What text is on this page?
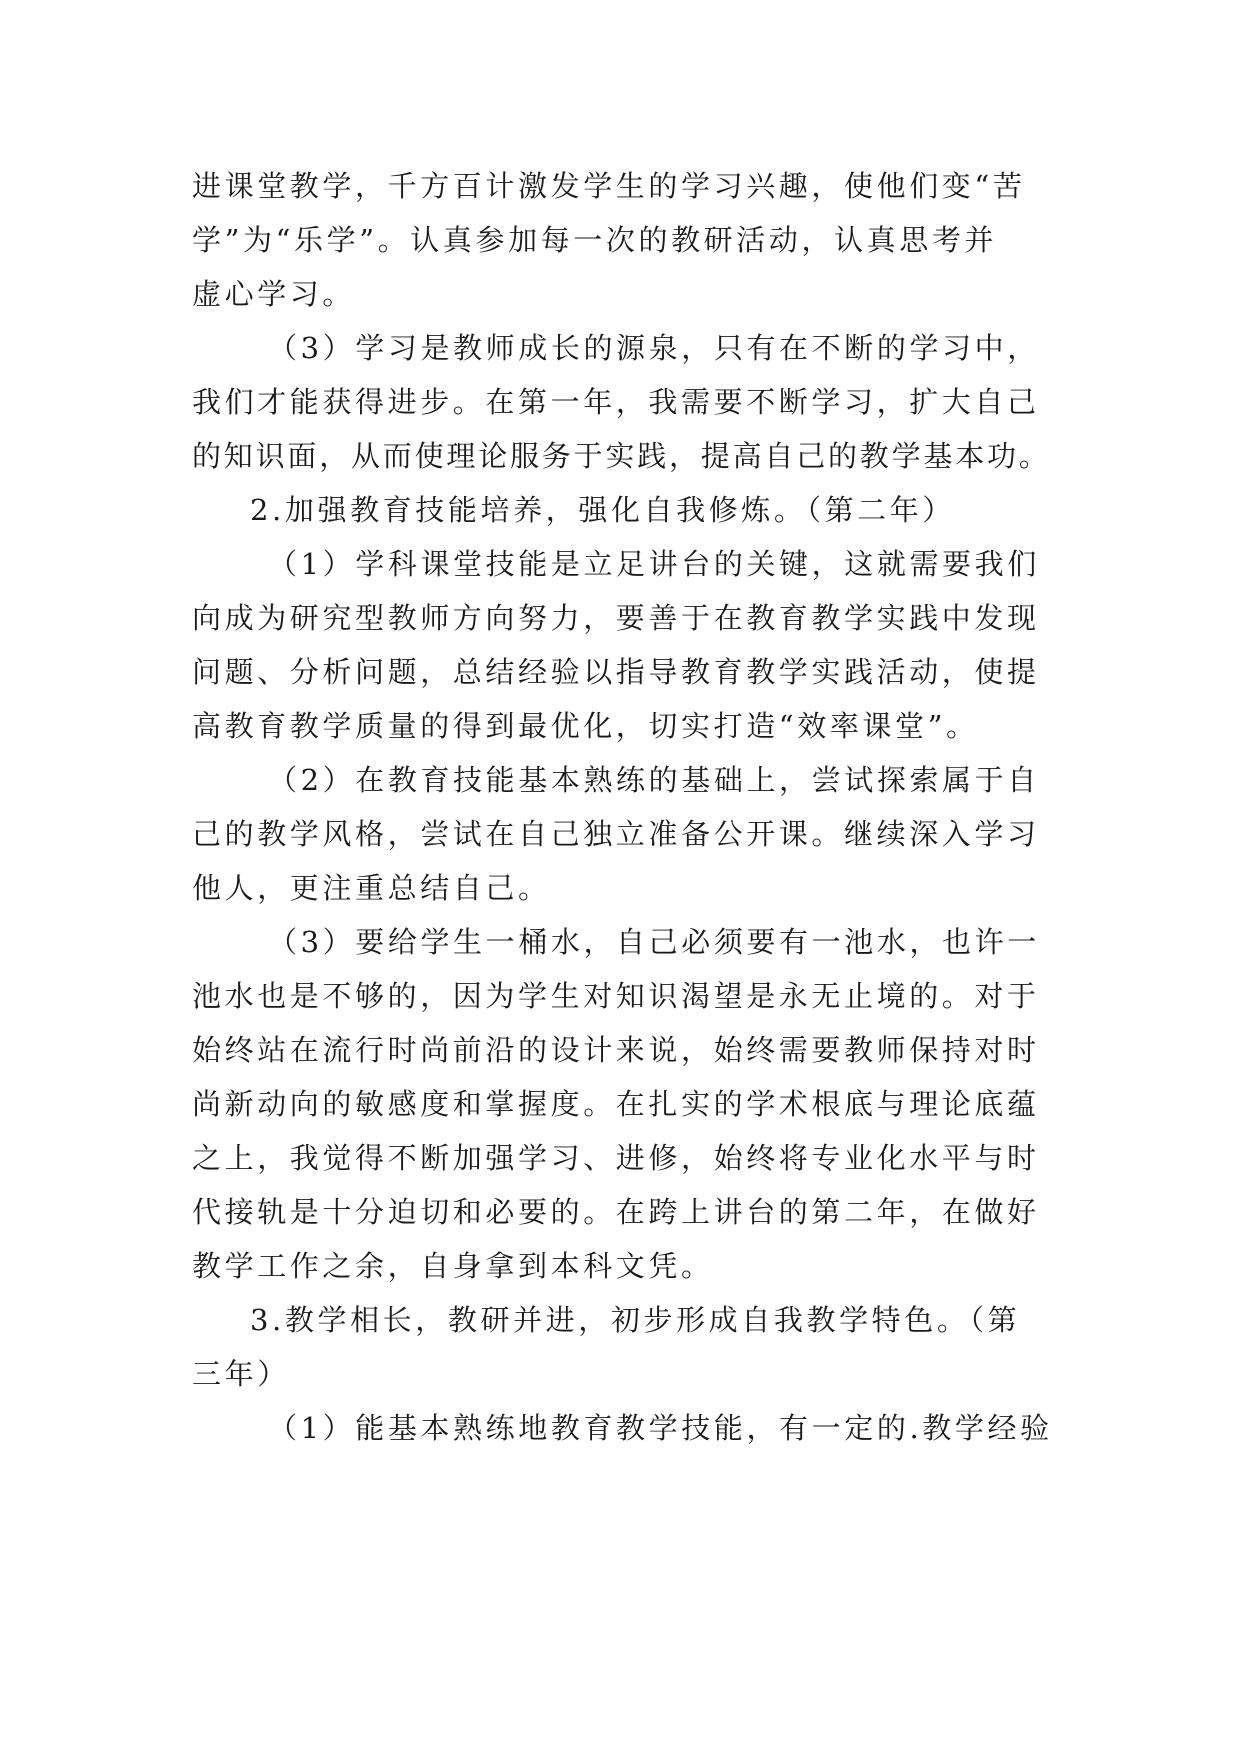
进课堂教学，千方百计激发学生的学习兴趣，使他们变“苦
学”为“乐学”。认真参加每一次的教研活动，认真思考并
虚心学习。
（3）学习是教师成长的源泉，只有在不断的学习中，
我们才能获得进步。在第一年，我需要不断学习，扩大自己
的知识面，从而使理论服务于实践，提高自己的教学基本功。
2.加强教育技能培养，强化自我修炼。（第二年）
（1）学科课堂技能是立足讲台的关键，这就需要我们
向成为研究型教师方向努力，要善于在教育教学实践中发现
问题、分析问题，总结经验以指导教育教学实践活动，使提
高教育教学质量的得到最优化，切实打造“效率课堂”。
（2）在教育技能基本熟练的基础上，尝试探索属于自
己的教学风格，尝试在自己独立准备公开课。继续深入学习
他人，更注重总结自己。
（3）要给学生一桶水，自己必须要有一池水，也许一
池水也是不够的，因为学生对知识渴望是永无止境的。对于
始终站在流行时尚前沿的设计来说，始终需要教师保持对时
尚新动向的敏感度和掌握度。在扎实的学术根底与理论底蕴
之上，我觉得不断加强学习、进修，始终将专业化水平与时
代接轨是十分迫切和必要的。在跨上讲台的第二年，在做好
教学工作之余，自身拿到本科文凭。
3.教学相长，教研并进，初步形成自我教学特色。（第
三年）
（1）能基本熟练地教育教学技能，有一定的.教学经验
